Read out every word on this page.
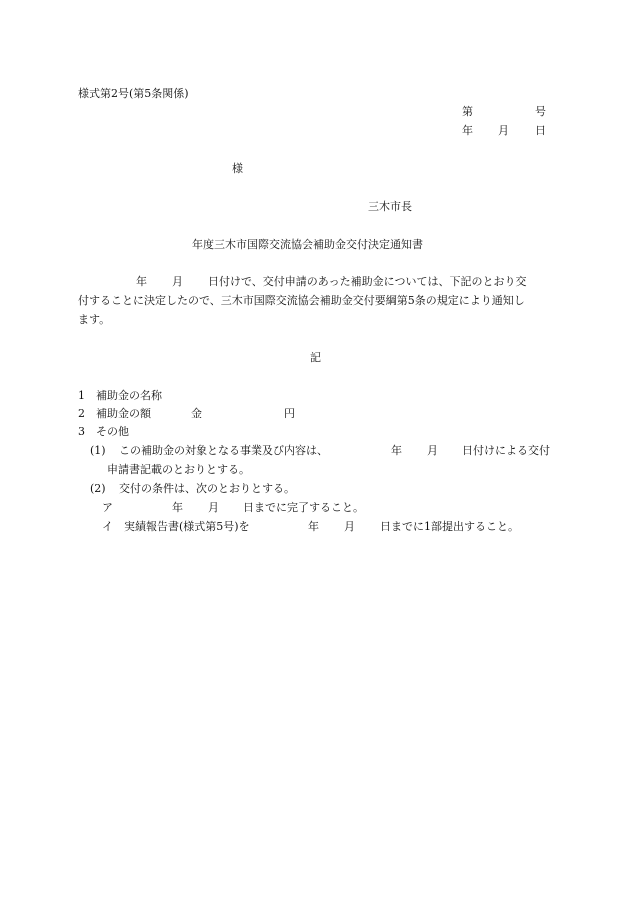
様式第2号(第5条関係)
第	号
年 月 日
様
三木市長
年度三木市国際交流協会補助金交付決定通知書
年 月 日付けで、交付申請のあった補助金については、下記のとおり交
付することに決定したので、三木市国際交流協会補助金交付要綱第5条の規定により通知し
ます。
記
1 補助金の名称
2 補助金の額	金	円
3 その他
(1) この補助金の対象となる事業及び内容は、	年 月 日付けによる交付
申請書記載のとおりとする。
(2) 交付の条件は、次のとおりとする。
ア	年 月 日までに完了すること。
イ 実績報告書(様式第5号)を	年 月 日までに1部提出すること。
